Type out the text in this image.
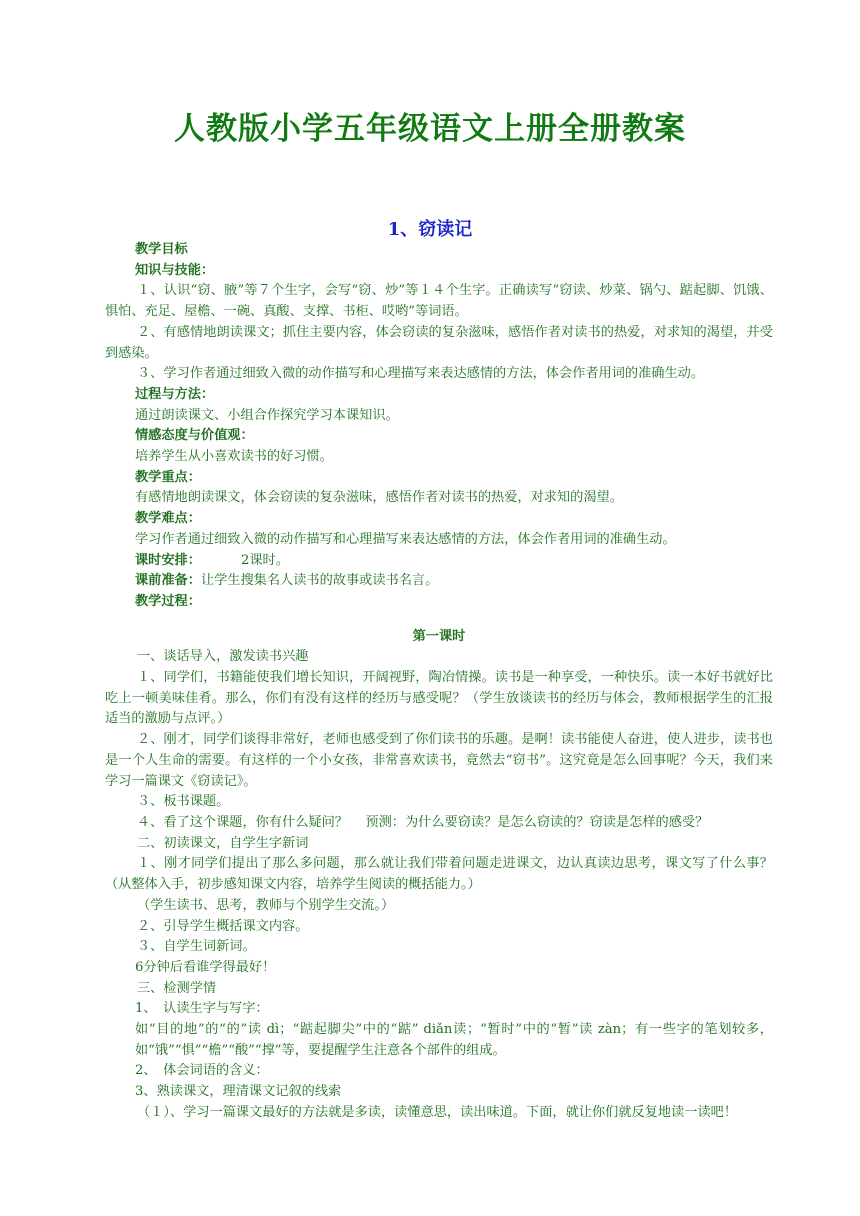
人教版小学五年级语文上册全册教案
1、窃读记

教学目标

知识与技能：

１、认识“窃、腋”等７个生字，会写“窃、炒”等１４个生字。正确读写“窃读、炒菜、锅勺、踮起脚、饥饿、惧怕、充足、屋檐、一碗、真酸、支撑、书柜、哎哟”等词语。

２、有感情地朗读课文；抓住主要内容，体会窃读的复杂滋味，感悟作者对读书的热爱，对求知的渴望，并受到感染。

３、学习作者通过细致入微的动作描写和心理描写来表达感情的方法，体会作者用词的准确生动。

过程与方法：

通过朗读课文、小组合作探究学习本课知识。

情感态度与价值观：

培养学生从小喜欢读书的好习惯。

教学重点：

有感情地朗读课文，体会窃读的复杂滋味，感悟作者对读书的热爱，对求知的渴望。

教学难点：

学习作者通过细致入微的动作描写和心理描写来表达感情的方法，体会作者用词的准确生动。

课时安排：	2课时。

课前准备：让学生搜集名人读书的故事或读书名言。

教学过程：

第一课时

一、谈话导入，激发读书兴趣

１、同学们，书籍能使我们增长知识，开阔视野，陶冶情操。读书是一种享受，一种快乐。读一本好书就好比吃上一顿美味佳肴。那么，你们有没有这样的经历与感受呢？（学生放谈读书的经历与体会，教师根据学生的汇报适当的激励与点评。）

２、刚才，同学们谈得非常好，老师也感受到了你们读书的乐趣。是啊！读书能使人奋进，使人进步，读书也是一个人生命的需要。有这样的一个小女孩，非常喜欢读书，竟然去“窃书”。这究竟是怎么回事呢？今天，我们来学习一篇课文《窃读记》。

３、板书课题。

４、看了这个课题，你有什么疑问？　 预测：为什么要窃读？是怎么窃读的？窃读是怎样的感受？

二、初读课文，自学生字新词

１、刚才同学们提出了那么多问题，那么就让我们带着问题走进课文，边认真读边思考，课文写了什么事？（从整体入手，初步感知课文内容，培养学生阅读的概括能力。）

（学生读书、思考，教师与个别学生交流。）

２、引导学生概括课文内容。

３、自学生词新词。

6分钟后看谁学得最好！

三、检测学情

1、　认读生字与写字：

如“目的地”的“的”读 dì；“踮起脚尖”中的“踮” diǎn读；“暂时”中的“暂”读 zàn；有一些字的笔划较多，如“饿”“惧”“檐”“酸”“撑”等，要提醒学生注意各个部件的组成。

2、　体会词语的含义：

3、熟读课文，理清课文记叙的线索

（１）、学习一篇课文最好的方法就是多读，读懂意思，读出味道。下面，就让你们就反复地读一读吧！
